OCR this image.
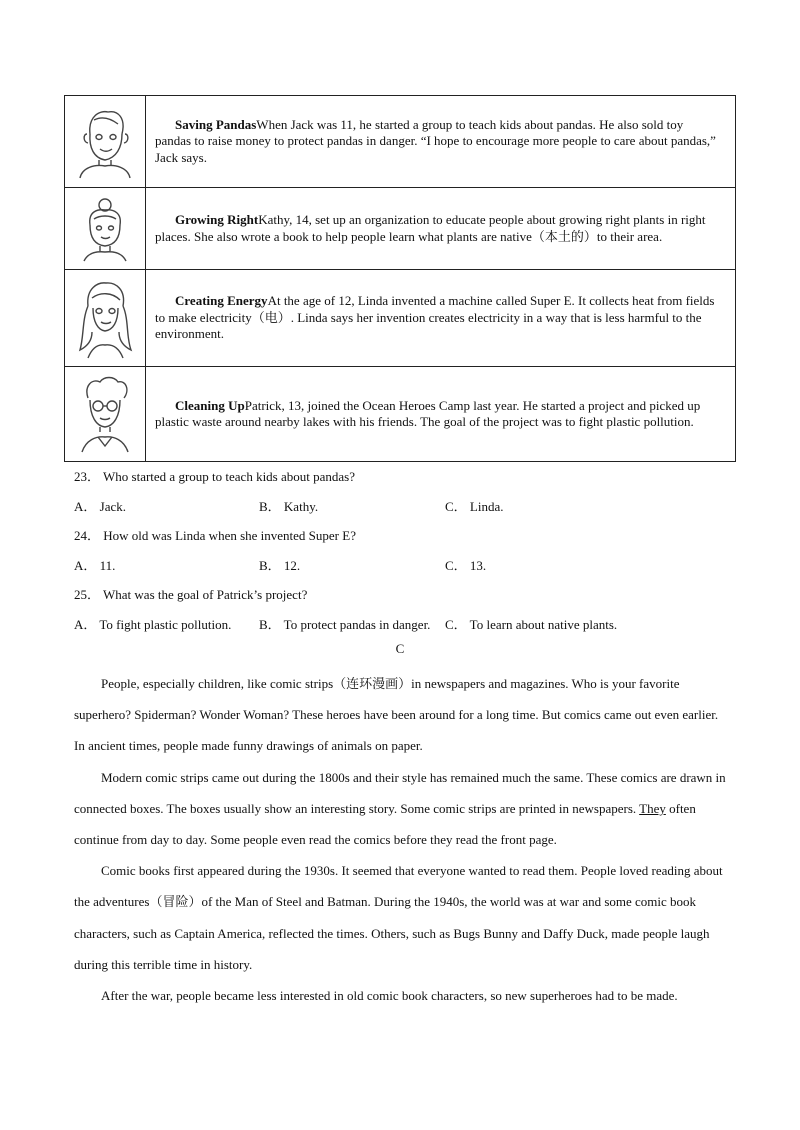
	Saving PandasWhen Jack was 11, he started a group to teach kids about pandas. He also sold toy pandas to raise money to protect pandas in danger. “I hope to encourage more people to care about pandas,” Jack says.

	Growing RightKathy, 14, set up an organization to educate people about growing right plants in right places. She also wrote a book to help people learn what plants are native（本土的）to their area.

	Creating EnergyAt the age of 12, Linda invented a machine called Super E. It collects heat from fields to make electricity（电）. Linda says her invention creates electricity in a way that is less harmful to the environment.

	Cleaning UpPatrick, 13, joined the Ocean Heroes Camp last year. He started a project and picked up plastic waste around nearby lakes with his friends. The goal of the project was to fight plastic pollution.
23． Who started a group to teach kids about pandas?
A． Jack.	B． Kathy.	C． Linda.
24． How old was Linda when she invented Super E?
A． 11.	B． 12.	C． 13.
25． What was the goal of Patrick’s project?
A． To fight plastic pollution. B． To protect pandas in danger. C． To learn about native plants.
C

People, especially children, like comic strips（连环漫画）in newspapers and magazines. Who is your favorite superhero? Spiderman? Wonder Woman? These heroes have been around for a long time. But comics came out even earlier. In ancient times, people made funny drawings of animals on paper.

Modern comic strips came out during the 1800s and their style has remained much the same. These comics are drawn in connected boxes. The boxes usually show an interesting story. Some comic strips are printed in newspapers. They often continue from day to day. Some people even read the comics before they read the front page.

Comic books first appeared during the 1930s. It seemed that everyone wanted to read them. People loved reading about the adventures（冒险）of the Man of Steel and Batman. During the 1940s, the world was at war and some comic book characters, such as Captain America, reflected the times. Others, such as Bugs Bunny and Daffy Duck, made people laugh during this terrible time in history.

After the war, people became less interested in old comic book characters, so new superheroes had to be made.
